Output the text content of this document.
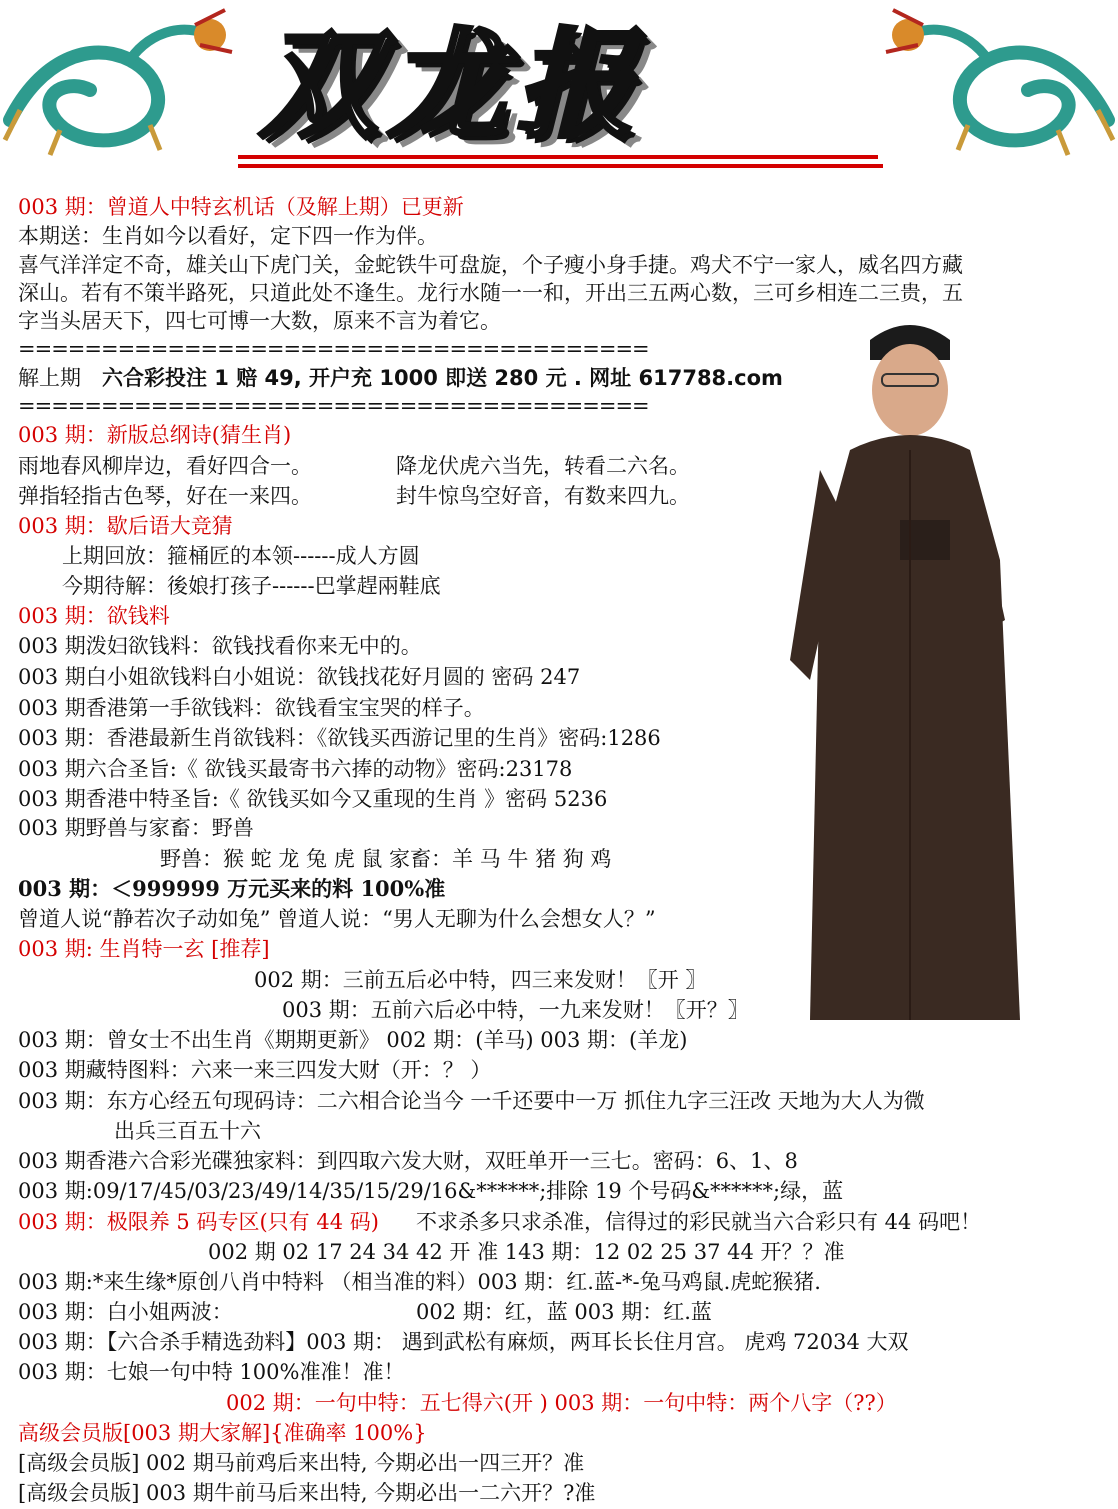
双龙报
003 期：曾道人中特玄机话（及解上期）已更新
本期送：生肖如今以看好，定下四一作为伴。
喜气洋洋定不奇，雄关山下虎门关，金蛇铁牛可盘旋，个子瘦小身手捷。鸡犬不宁一家人，威名四方藏
深山。若有不策半路死，只道此处不逢生。龙行水随一一和，开出三五两心数，三可乡相连二三贵，五
字当头居天下，四七可博一大数，原来不言为着它。
======================================
解上期
======================================
003 期：新版总纲诗(猜生肖)
雨地春风柳岸边，看好四合一。
弹指轻指古色琴，好在一来四。
003 期：歇后语大竞猜
上期回放：箍桶匠的本领------成人方圆
今期待解：後娘打孩子------巴掌趕兩鞋底
003 期：欲钱料
003 期泼妇欲钱料：欲钱找看你来无中的。
003 期白小姐欲钱料白小姐说：欲钱找花好月圆的 密码 247
003 期香港第一手欲钱料：欲钱看宝宝哭的样子。
003 期：香港最新生肖欲钱料：《欲钱买西游记里的生肖》密码:1286
003 期六合圣旨:《 欲钱买最寄书六捧的动物》密码:23178
003 期香港中特圣旨:《 欲钱买如今又重现的生肖 》密码 5236
003 期野兽与家畜：野兽
野兽：猴 蛇 龙 兔 虎 鼠 家畜：羊 马 牛 猪 狗 鸡
003 期：＜999999 万元买来的料 100%准
曾道人说“静若次子动如兔” 曾道人说：“男人无聊为什么会想女人？”
003 期: 生肖特一玄 [推荐]
002 期：三前五后必中特，四三来发财！〖开 〗
003 期：五前六后必中特，一九来发财！〖开？〗
003 期：曾女士不出生肖《期期更新》 002 期：(羊马) 003 期：(羊龙)
003 期藏特图料：六来一来三四发大财（开：？ ）
003 期：东方心经五句现码诗：二六相合论当今 一千还要中一万 抓住九字三汪改 天地为大人为微
出兵三百五十六
003 期香港六合彩光碟独家料：到四取六发大财，双旺单开一三七。密码：6、1、8
003 期:09/17/45/03/23/49/14/35/15/29/16&******;排除 19 个号码&******;绿，蓝
003 期：极限养 5 码专区(只有 44 码) 不求杀多只求杀准，信得过的彩民就当六合彩只有 44 码吧！
002 期 02 17 24 34 42 开 准 143 期：12 02 25 37 44 开？？准
003 期:*来生缘*原创八肖中特料 （相当准的料）003 期：红.蓝-*-兔马鸡鼠.虎蛇猴猪.
003 期：白小姐两波：	002 期：红，蓝 003 期：红.蓝
003 期：【六合杀手精选劲料】003 期： 遇到武松有麻烦，两耳长长住月宫。 虎鸡 72034 大双
003 期：七娘一句中特 100%准准！准！
002 期：一句中特：五七得六(开 ) 003 期：一句中特：两个八字（??）
高级会员版[003 期大家解]{准确率 100%}
[高级会员版] 002 期马前鸡后来出特, 今期必出一四三开？准
[高级会员版] 003 期牛前马后来出特, 今期必出一二六开？?准
降龙伏虎六当先，转看二六名。
封牛惊鸟空好音，有数来四九。
六合彩投注 1 赔 49, 开户充 1000 即送 280 元 . 网址 617788.com
